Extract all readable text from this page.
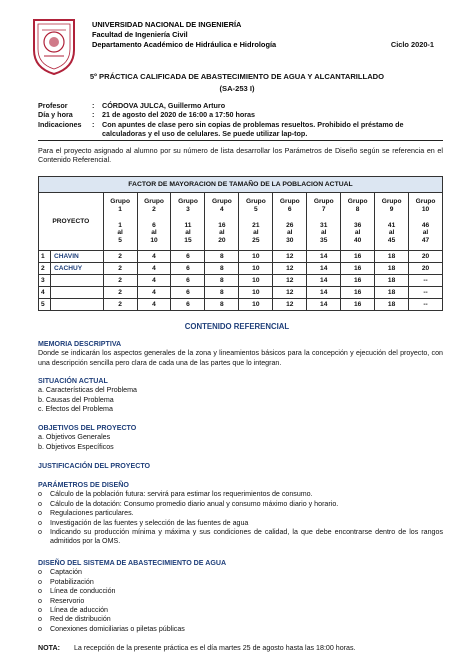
UNIVERSIDAD NACIONAL DE INGENIERÍA
Facultad de Ingeniería Civil
Departamento Académico de Hidráulica e Hidrología	Ciclo 2020-1
5º PRÁCTICA CALIFICADA DE ABASTECIMIENTO DE AGUA Y ALCANTARILLADO
(SA-253 I)
Profesor	:	CÓRDOVA JULCA, Guillermo Arturo
Día y hora	:	21 de agosto del 2020 de 16:00 a 17:50 horas
Indicaciones	:	Con apuntes de clase pero sin copias de problemas resueltos. Prohibido el préstamo de calculadoras y el uso de celulares. Se puede utilizar lap-top.
Para el proyecto asignado al alumno por su número de lista desarrollar los Parámetros de Diseño según se referencia en el Contenido Referencial.
FACTOR DE MAYORACION DE TAMAÑO DE LA POBLACION ACTUAL											
PROYECTO		Grupo
1

1
al
5	Grupo
2

6
al
10	Grupo
3

11
al
15	Grupo
4

16
al
20	Grupo
5

21
al
25	Grupo
6

26
al
30	Grupo
7

31
al
35	Grupo
8

36
al
40	Grupo
9

41
al
45	Grupo
10

46
al
47
1	CHAVIN	2	4	6	8	10	12	14	16	18	20
2	CACHUY	2	4	6	8	10	12	14	16	18	20
3		2	4	6	8	10	12	14	16	18	--
4		2	4	6	8	10	12	14	16	18	--
5		2	4	6	8	10	12	14	16	18	--
CONTENIDO REFERENCIAL
MEMORIA DESCRIPTIVA
Donde se indicarán los aspectos generales de la zona y lineamientos básicos para la concepción y ejecución del proyecto, con una descripción sencilla pero clara de cada una de las partes que lo integran.
SITUACIÓN ACTUAL
a. Características del Problema
b. Causas del Problema
c. Efectos del Problema
OBJETIVOS DEL PROYECTO
a. Objetivos Generales
b. Objetivos Específicos
JUSTIFICACIÓN DEL PROYECTO
PARÁMETROS DE DISEÑO
o	Cálculo de la población futura: servirá para estimar los requerimientos de consumo.
o	Cálculo de la dotación: Consumo promedio diario anual y consumo máximo diario y horario.
o	Regulaciones particulares.
o	Investigación de las fuentes y selección de las fuentes de agua
o	Indicando su producción mínima y máxima y sus condiciones de calidad, la que debe encontrarse dentro de los rangos admitidos por la OMS.
DISEÑO DEL SISTEMA DE ABASTECIMIENTO DE AGUA
o	Captación
o	Potabilización
o	Línea de conducción
o	Reservorio
o	Línea de aducción
o	Red de distribución
o	Conexiones domiciliarias o piletas públicas
NOTA: La recepción de la presente práctica es el día martes 25 de agosto hasta las 18:00 horas.
